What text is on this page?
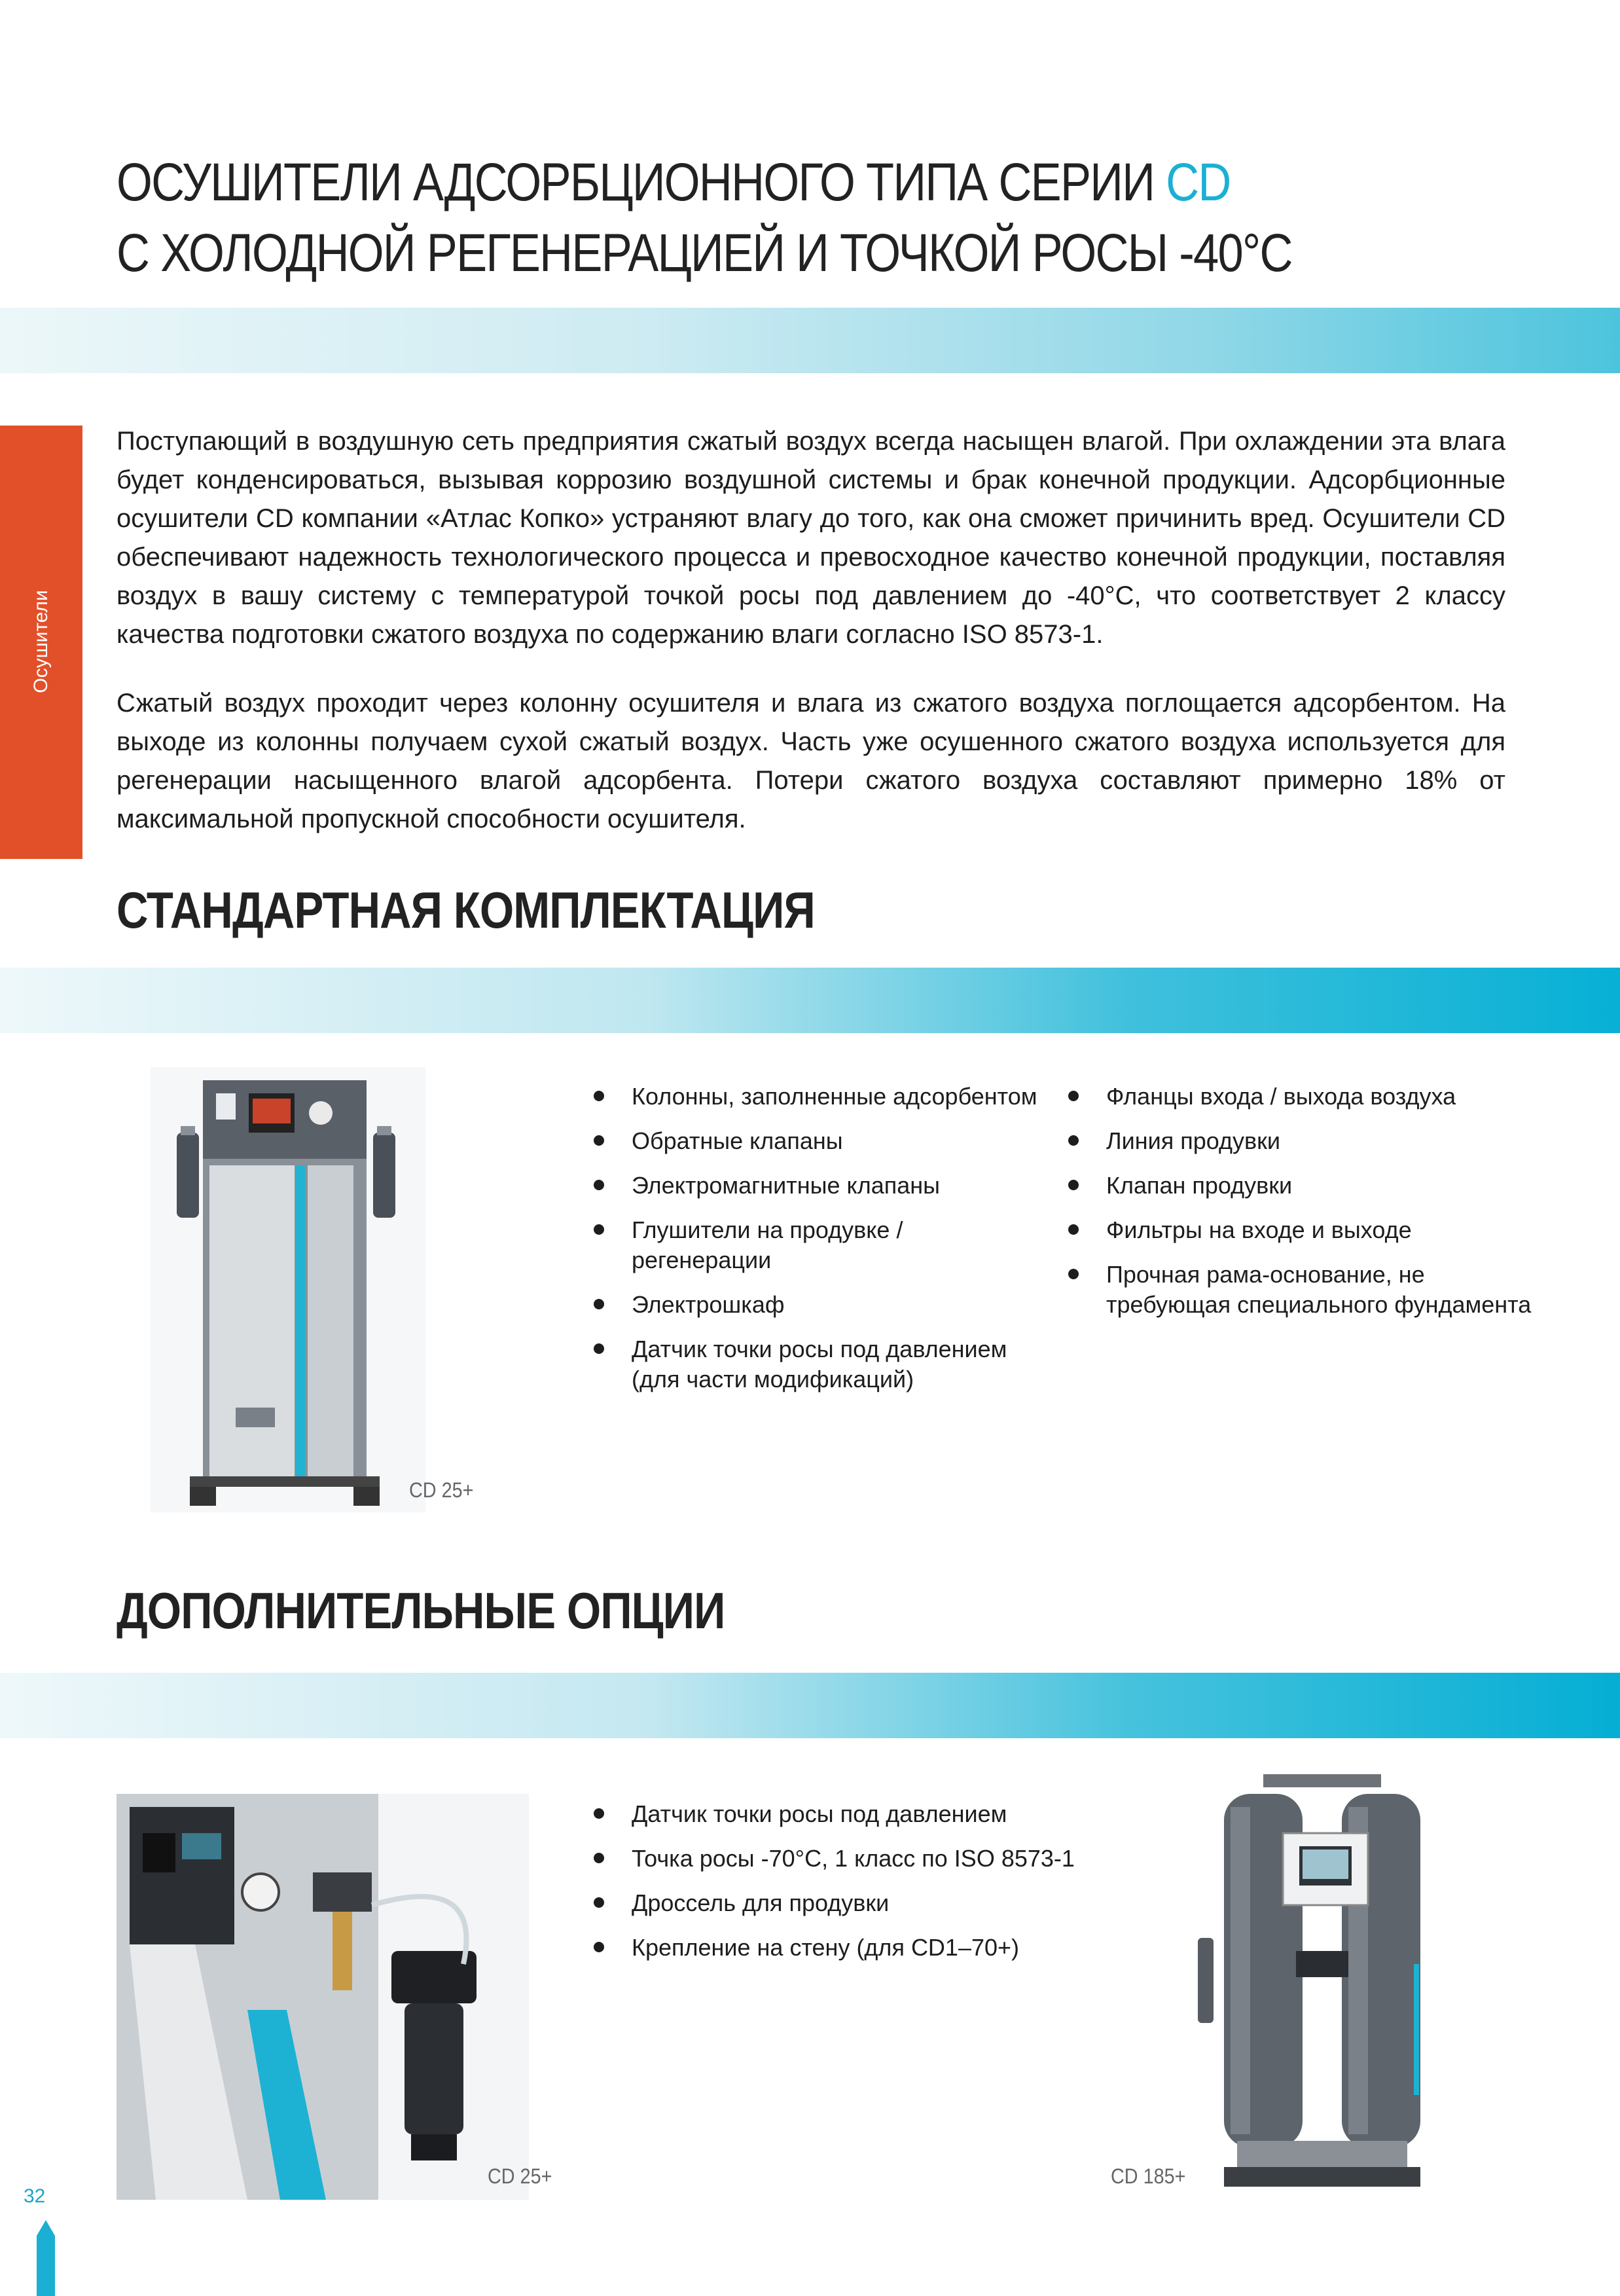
ОСУШИТЕЛИ АДСОРБЦИОННОГО ТИПА СЕРИИ CD
С ХОЛОДНОЙ РЕГЕНЕРАЦИЕЙ И ТОЧКОЙ РОСЫ -40°С
Осушители

Поступающий в воздушную сеть предприятия сжатый воздух всегда насыщен влагой. При охлаждении эта влага будет конденсироваться, вызывая коррозию воздушной системы и брак конечной продукции. Адсорбционные осушители CD компании «Атлас Копко» устраняют влагу до того, как она сможет причинить вред. Осушители CD обеспечивают надежность технологического процесса и превосходное качество конечной продукции, поставляя воздух в вашу систему с температурой точкой росы под давлением до -40°С, что соответствует 2 классу качества подготовки сжатого воздуха по содержанию влаги согласно ISO 8573-1.

Сжатый воздух проходит через колонну осушителя и влага из сжатого воздуха поглощается адсорбентом. На выходе из колонны получаем сухой сжатый воздух. Часть уже осушенного сжатого воздуха используется для регенерации насыщенного влагой адсорбента. Потери сжатого воздуха составляют примерно 18% от максимальной пропускной способности осушителя.

СТАНДАРТНАЯ КОМПЛЕКТАЦИЯ
CD 25+
Колонны, заполненные адсорбентом
Обратные клапаны
Электромагнитные клапаны
Глушители на продувке / регенерации
Электрошкаф
Датчик точки росы под давлением (для части модификаций)
Фланцы входа / выхода воздуха
Линия продувки
Клапан продувки
Фильтры на входе и выходе
Прочная рама-основание, не требующая специального фундамента
ДОПОЛНИТЕЛЬНЫЕ ОПЦИИ
CD 25+
Датчик точки росы под давлением
Точка росы -70°С, 1 класс по ISO 8573-1
Дроссель для продувки
Крепление на стену (для CD1–70+)
CD 185+
32
